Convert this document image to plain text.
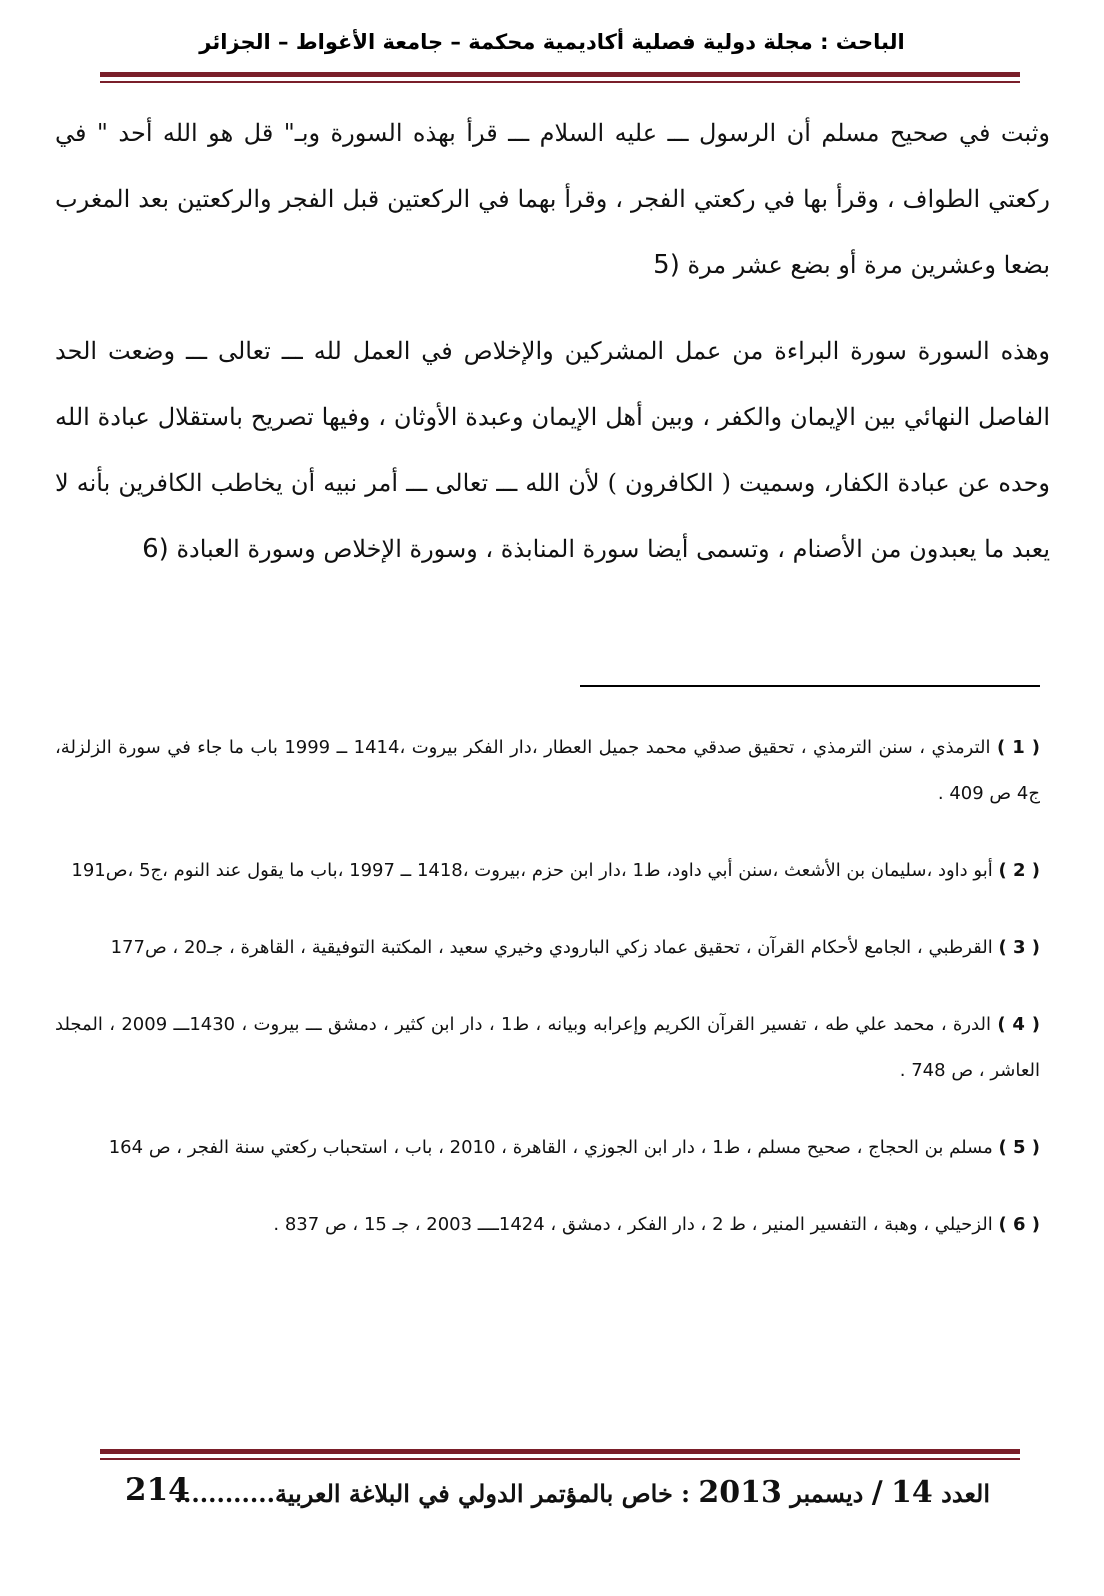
الباحث : مجلة دولية فصلية أكاديمية محكمة – جامعة الأغواط – الجزائر

وثبت في صحيح مسلم أن الرسول ـــ عليه السلام ـــ قرأ بهذه السورة وبـ" قل هو الله أحد " في ركعتي الطواف ، وقرأ بها في ركعتي الفجر ، وقرأ بهما في الركعتين قبل الفجر والركعتين بعد المغرب بضعا وعشرين مرة أو بضع عشر مرة (5

وهذه السورة سورة البراءة من عمل المشركين والإخلاص في العمل لله ـــ تعالى ـــ وضعت الحد الفاصل النهائي بين الإيمان والكفر ، وبين أهل الإيمان وعبدة الأوثان ، وفيها تصريح باستقلال عبادة الله وحده عن عبادة الكفار، وسميت ( الكافرون ) لأن الله ـــ تعالى ـــ أمر نبيه أن يخاطب الكافرين بأنه لا يعبد ما يعبدون من الأصنام ، وتسمى أيضا سورة المنابذة ، وسورة الإخلاص وسورة العبادة (6

( 1 ) الترمذي ، سنن الترمذي ، تحقيق صدقي محمد جميل العطار ،دار الفكر بيروت ،1414 ــ 1999 باب ما جاء في سورة الزلزلة، ج4 ص 409 .

( 2 ) أبو داود ،سليمان بن الأشعث ،سنن أبي داود، ط1 ،دار ابن حزم ،بيروت ،1418 ــ 1997 ،باب ما يقول عند النوم ،ج5 ،ص191

( 3 ) القرطبي ، الجامع لأحكام القرآن ، تحقيق عماد زكي البارودي وخيري سعيد ، المكتبة التوفيقية ، القاهرة ، جـ20 ، ص177

( 4 ) الدرة ، محمد علي طه ، تفسير القرآن الكريم وإعرابه وبيانه ، ط1 ، دار ابن كثير ، دمشق ـــ بيروت ، 1430ـــ 2009 ، المجلد العاشر ، ص 748 .

( 5 ) مسلم بن الحجاج ، صحيح مسلم ، ط1 ، دار ابن الجوزي ، القاهرة ، 2010 ، باب ، استحباب ركعتي سنة الفجر ، ص 164

( 6 ) الزحيلي ، وهبة ، التفسير المنير ، ط 2 ، دار الفكر ، دمشق ، 1424ــــ 2003 ، جـ 15 ، ص 837 .

العدد 14 / ديسمبر 2013 : خاص بالمؤتمر الدولي في البلاغة العربية............
214
